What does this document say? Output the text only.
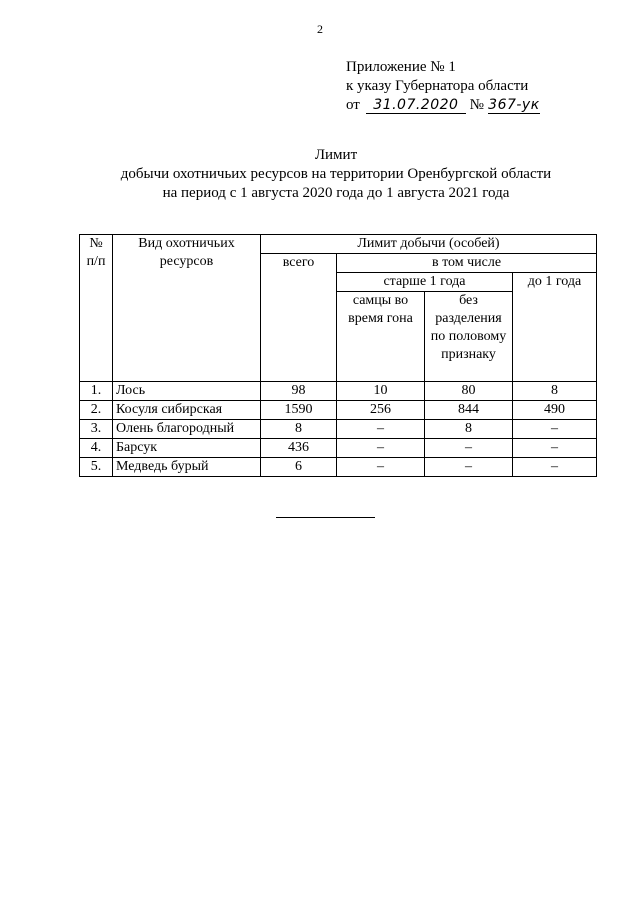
2
Приложение № 1
к указу Губернатора области
от 31.07.2020 № 367-ук
Лимит
добычи охотничьих ресурсов на территории Оренбургской области
на период с 1 августа 2020 года до 1 августа 2021 года
№ п/п	Вид охотничьих ресурсов	Лимит добычи (особей)			
		всего	в том числе		
			старше 1 года		до 1 года
			самцы во время гона	без разделения по половому признаку	
1.	Лось	98	10	80	8
2.	Косуля сибирская	1590	256	844	490
3.	Олень благородный	8	–	8	–
4.	Барсук	436	–	–	–
5.	Медведь бурый	6	–	–	–
